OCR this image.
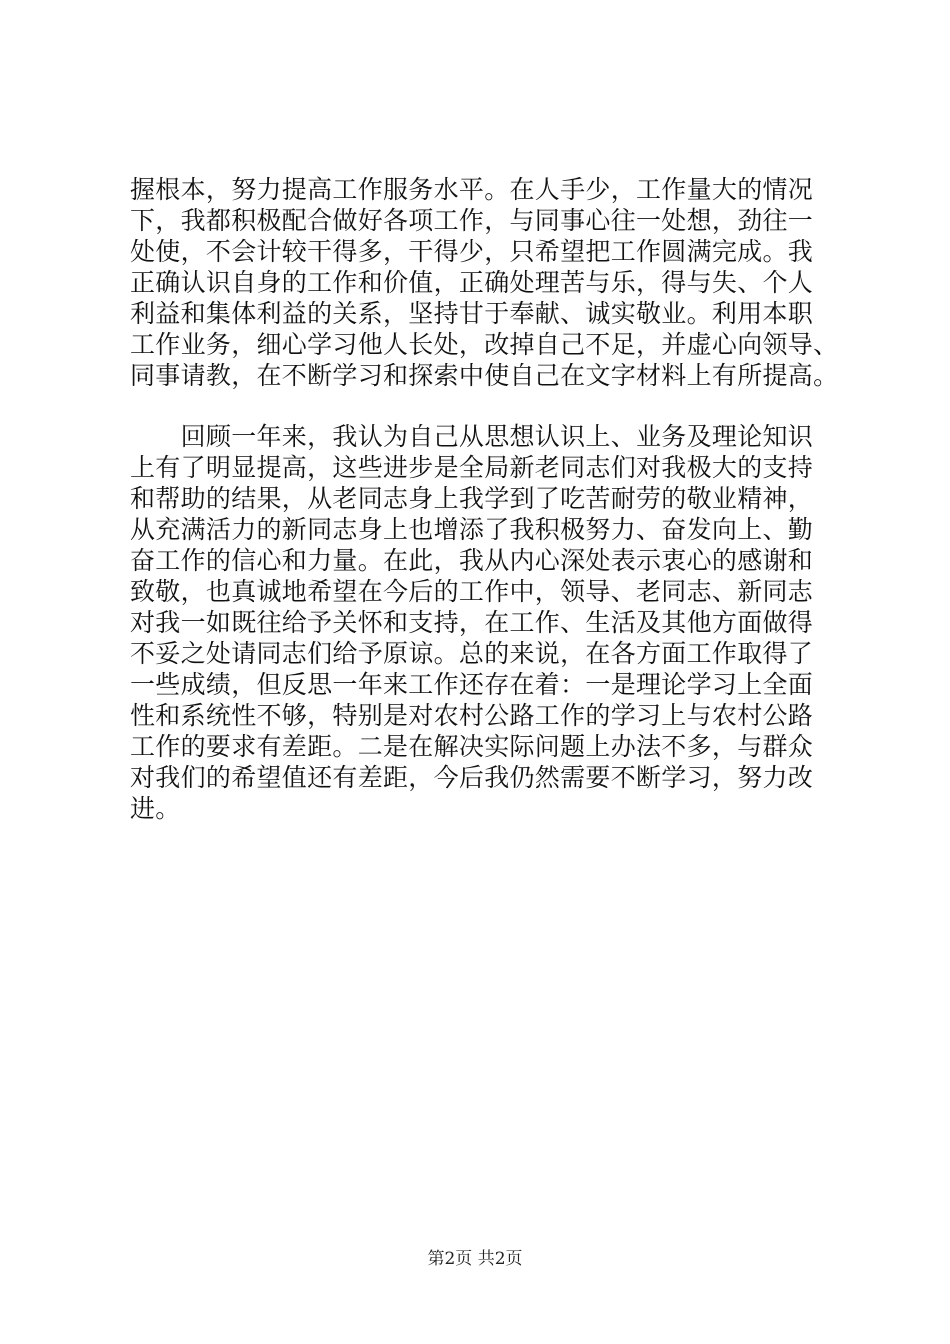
握根本，努力提高工作服务水平。在人手少，工作量大的情况
下，我都积极配合做好各项工作，与同事心往一处想，劲往一
处使，不会计较干得多，干得少，只希望把工作圆满完成。我
正确认识自身的工作和价值，正确处理苦与乐，得与失、个人
利益和集体利益的关系，坚持甘于奉献、诚实敬业。利用本职
工作业务，细心学习他人长处，改掉自己不足，并虚心向领导、
同事请教，在不断学习和探索中使自己在文字材料上有所提高。
　　回顾一年来，我认为自己从思想认识上、业务及理论知识
上有了明显提高，这些进步是全局新老同志们对我极大的支持
和帮助的结果，从老同志身上我学到了吃苦耐劳的敬业精神，
从充满活力的新同志身上也增添了我积极努力、奋发向上、勤
奋工作的信心和力量。在此，我从内心深处表示衷心的感谢和
致敬，也真诚地希望在今后的工作中，领导、老同志、新同志
对我一如既往给予关怀和支持，在工作、生活及其他方面做得
不妥之处请同志们给予原谅。总的来说，在各方面工作取得了
一些成绩，但反思一年来工作还存在着：一是理论学习上全面
性和系统性不够，特别是对农村公路工作的学习上与农村公路
工作的要求有差距。二是在解决实际问题上办法不多，与群众
对我们的希望值还有差距，今后我仍然需要不断学习，努力改
进。
第2页 共2页
